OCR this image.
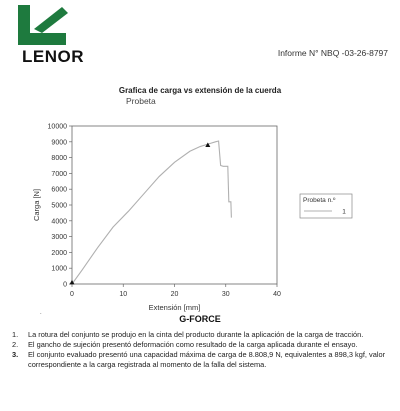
LENOR	Informe N° NBQ -03-26-8797
Grafica de carga vs extensión de la cuerda
Probeta
0
1000
2000
3000
4000
5000
6000
7000
8000
9000
10000
0	10	20	30	40
Extensión [mm]
Carga [N]	Probeta n.º
1
.
G-FORCE
1. La rotura del conjunto se produjo en la cinta del producto durante la aplicación de la carga de tracción.
2. El gancho de sujeción presentó deformación como resultado de la carga aplicada durante el ensayo.
3. El conjunto evaluado presentó una capacidad máxima de carga de 8.808,9 N, equivalentes a 898,3 kgf, valor correspondiente a la carga registrada al momento de la falla del sistema.
